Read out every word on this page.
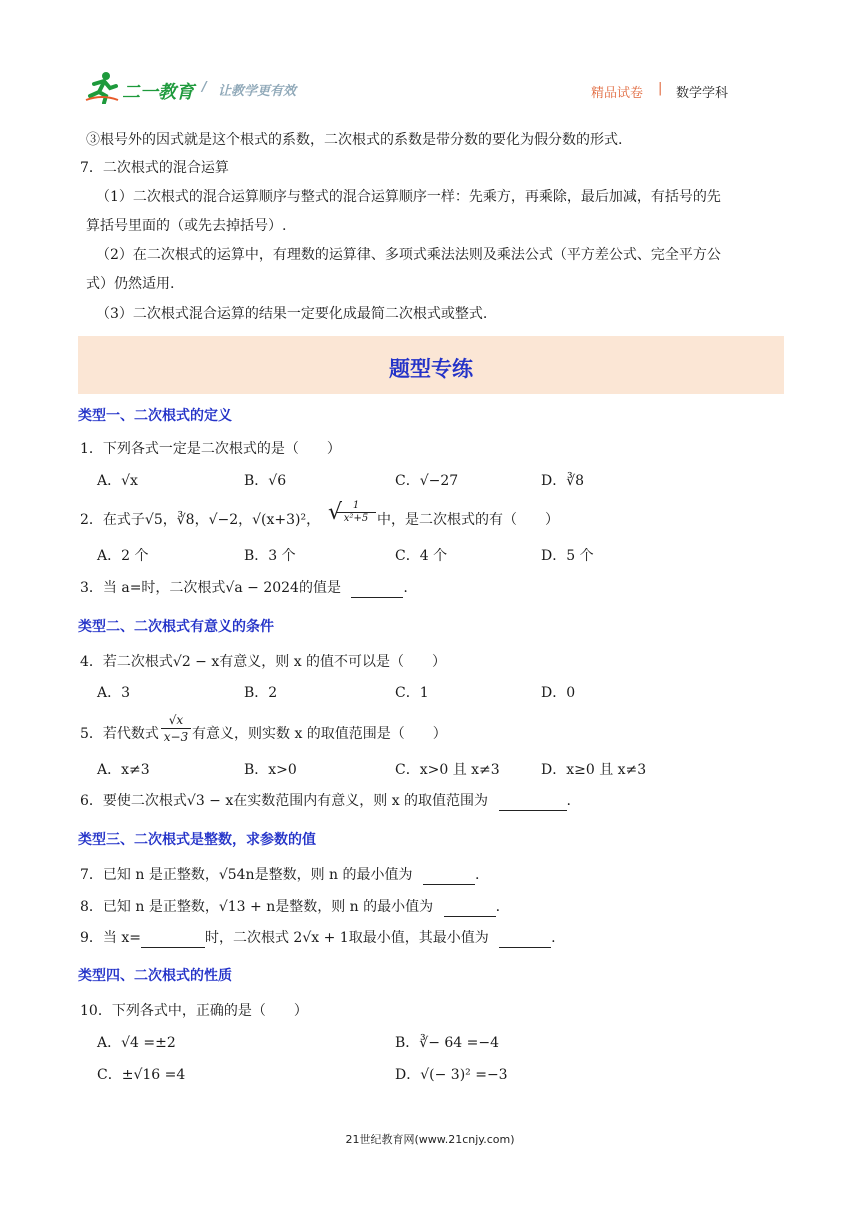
二一教育 / 让教学更有效	精品试卷 | 数学学科
③根号外的因式就是这个根式的系数，二次根式的系数是带分数的要化为假分数的形式.
7．二次根式的混合运算
（1）二次根式的混合运算顺序与整式的混合运算顺序一样：先乘方，再乘除，最后加减，有括号的先
算括号里面的（或先去掉括号）.
（2）在二次根式的运算中，有理数的运算律、多项式乘法法则及乘法公式（平方差公式、完全平方公
式）仍然适用.
（3）二次根式混合运算的结果一定要化成最简二次根式或整式.
题型专练
类型一、二次根式的定义
1．下列各式一定是二次根式的是（　　）
A．√x	B．√6	C．√−27	D．∛8
2．在式子√5，∛8，√−2，√(x+3)²， √	1
x²+5 中，是二次根式的有（　　）
A．2 个	B．3 个	C．4 个	D．5 个
3．当 a=时，二次根式√a − 2024的值是	.
类型二、二次根式有意义的条件
4．若二次根式√2 − x有意义，则 x 的值不可以是（　　）
A．3	B．2	C．1	D．0
5．若代数式 $\frac{√x}{x-3}$ 有意义，则实数 x 的取值范围是（　　）
A．x≠3	B．x>0	C．x>0 且 x≠3	D．x≥0 且 x≠3
6．要使二次根式√3 − x在实数范围内有意义，则 x 的取值范围为	.
类型三、二次根式是整数，求参数的值
7．已知 n 是正整数，√54n是整数，则 n 的最小值为	.
8．已知 n 是正整数，√13 + n是整数，则 n 的最小值为	.
9．当 x=	时，二次根式 2√x + 1取最小值，其最小值为	.
类型四、二次根式的性质
10．下列各式中，正确的是（　　）
A．√4 =±2	B．∛− 64 =−4
C．±√16 =4	D．√(− 3)² =−3
21世纪教育网(www.21cnjy.com)
